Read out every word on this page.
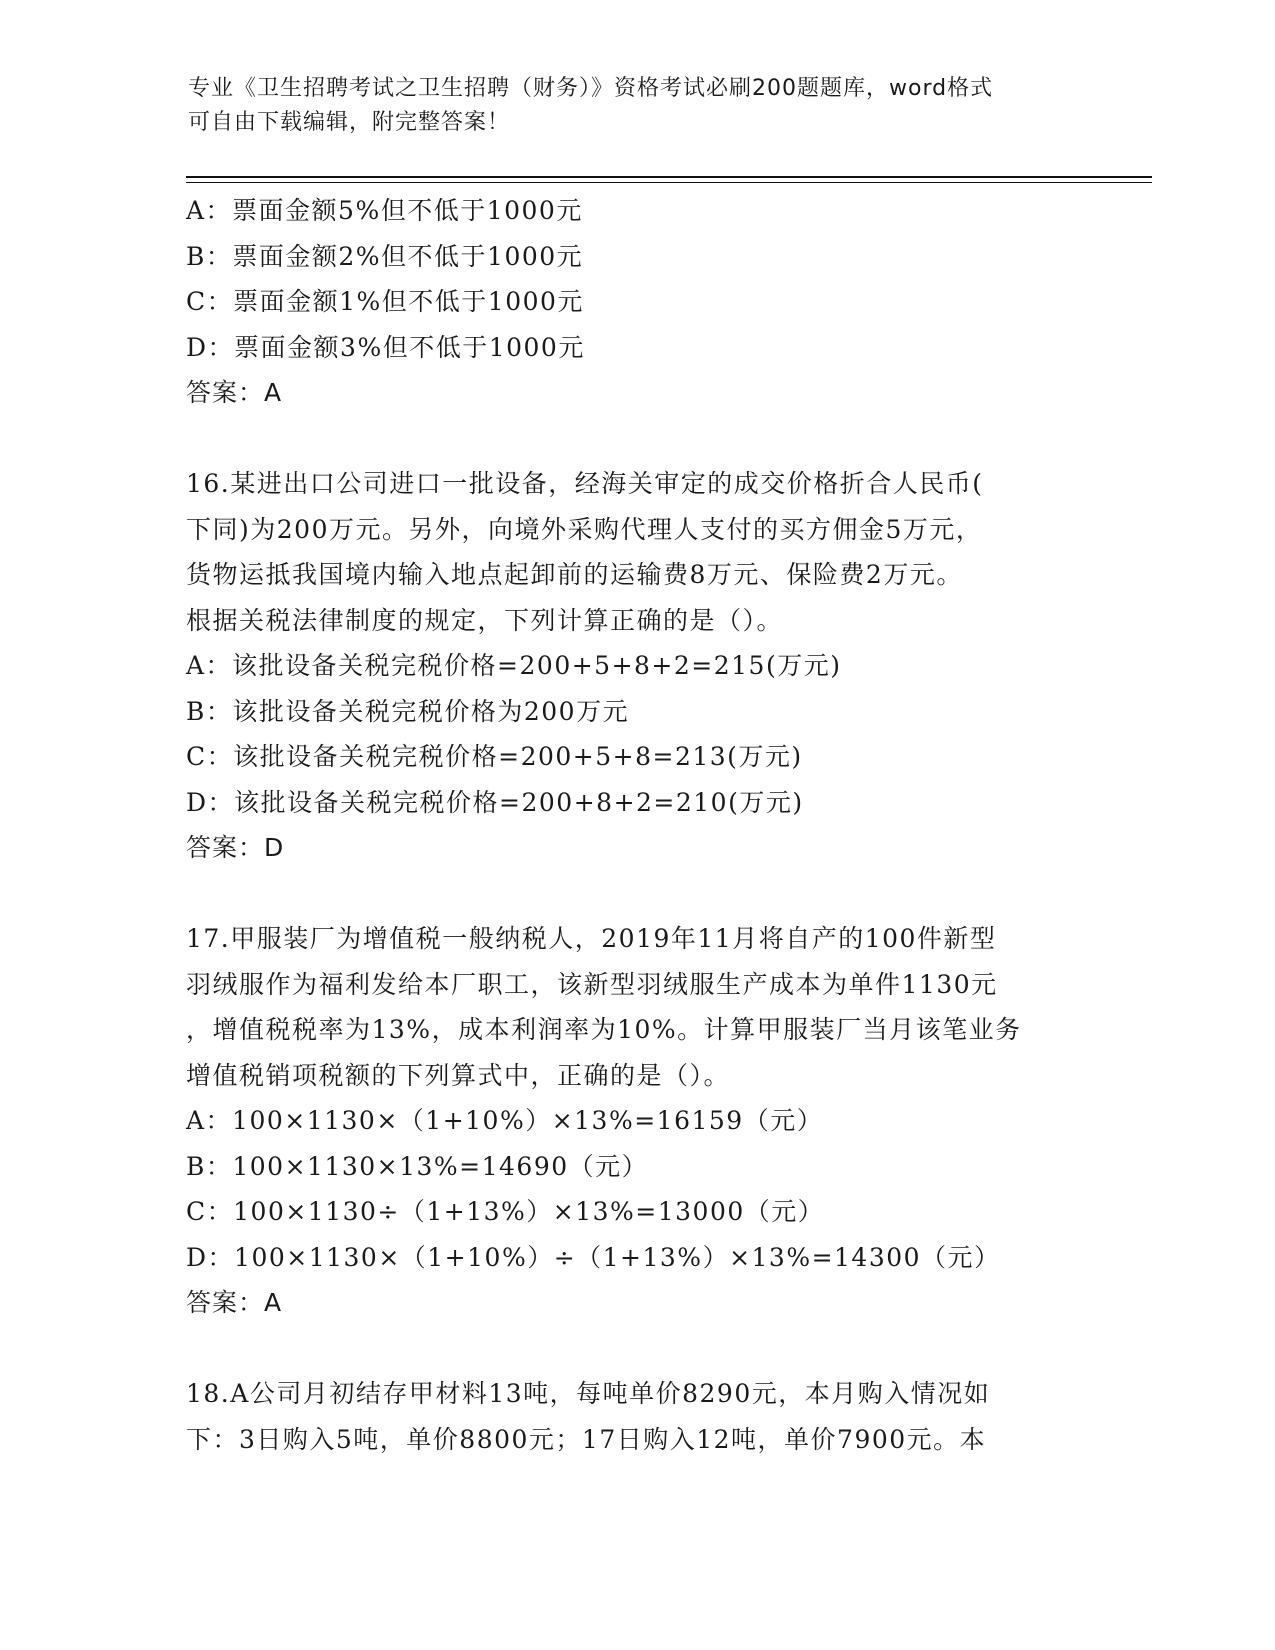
专业《卫生招聘考试之卫生招聘（财务）》资格考试必刷200题题库，word格式
可自由下载编辑，附完整答案！
A：票面金额5%但不低于1000元
B：票面金额2%但不低于1000元
C：票面金额1%但不低于1000元
D：票面金额3%但不低于1000元
答案：A
16.某进出口公司进口一批设备，经海关审定的成交价格折合人民币(
下同)为200万元。另外，向境外采购代理人支付的买方佣金5万元，
货物运抵我国境内输入地点起卸前的运输费8万元、保险费2万元。
根据关税法律制度的规定，下列计算正确的是（）。
A：该批设备关税完税价格=200+5+8+2=215(万元)
B：该批设备关税完税价格为200万元
C：该批设备关税完税价格=200+5+8=213(万元)
D：该批设备关税完税价格=200+8+2=210(万元)
答案：D
17.甲服装厂为增值税一般纳税人，2019年11月将自产的100件新型
羽绒服作为福利发给本厂职工，该新型羽绒服生产成本为单件1130元
，增值税税率为13%，成本利润率为10%。计算甲服装厂当月该笔业务
增值税销项税额的下列算式中，正确的是（）。
A：100×1130×（1+10%）×13%=16159（元）
B：100×1130×13%=14690（元）
C：100×1130÷（1+13%）×13%=13000（元）
D：100×1130×（1+10%）÷（1+13%）×13%=14300（元）
答案：A
18.A公司月初结存甲材料13吨，每吨单价8290元，本月购入情况如
下：3日购入5吨，单价8800元；17日购入12吨，单价7900元。本
